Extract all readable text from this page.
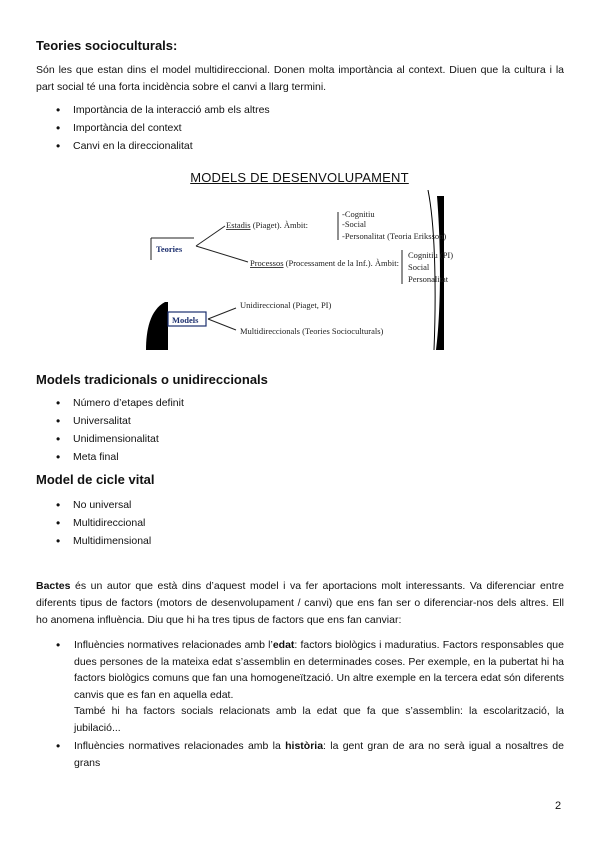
Teories socioculturals:

Són les que estan dins el model multidireccional. Donen molta importància al context. Diuen que la cultura i la part social té una forta incidència sobre el canvi a llarg termini.

• Importància de la interacció amb els altres
• Importància del context
• Canvi en la direccionalitat
MODELS DE DESENVOLUPAMENT
Teories
Estadis (Piaget). Àmbit:
-Cognitiu
-Social
-Personalitat (Teoria Eriksson)
Processos (Processament de la Inf.). Àmbit:
Cognitiu (PI)
Social
Personalitat
Models
Unidireccional (Piaget, PI)
Multidireccionals (Teories Socioculturals)
Models tradicionals o unidireccionals
• Número d’etapes definit
• Universalitat
• Unidimensionalitat
• Meta final
Model de cicle vital
• No universal
• Multidireccional
• Multidimensional

Bactes és un autor que està dins d’aquest model i va fer aportacions molt interessants. Va diferenciar entre diferents tipus de factors (motors de desenvolupament / canvi) que ens fan ser o diferenciar-nos dels altres. Ell ho anomena influència. Diu que hi ha tres tipus de factors que ens fan canviar:

• Influències normatives relacionades amb l’edat: factors biològics i maduratius. Factors responsables que dues persones de la mateixa edat s’assemblin en determinades coses. Per exemple, en la pubertat hi ha factors biològics comuns que fan una homogeneïtzació. Un altre exemple en la tercera edat són diferents canvis que es fan en aquella edat.
També hi ha factors socials relacionats amb la edat que fa que s’assemblin: la escolarització, la jubilació...
• Influències normatives relacionades amb la història: la gent gran de ara no serà igual a nosaltres de grans
2
